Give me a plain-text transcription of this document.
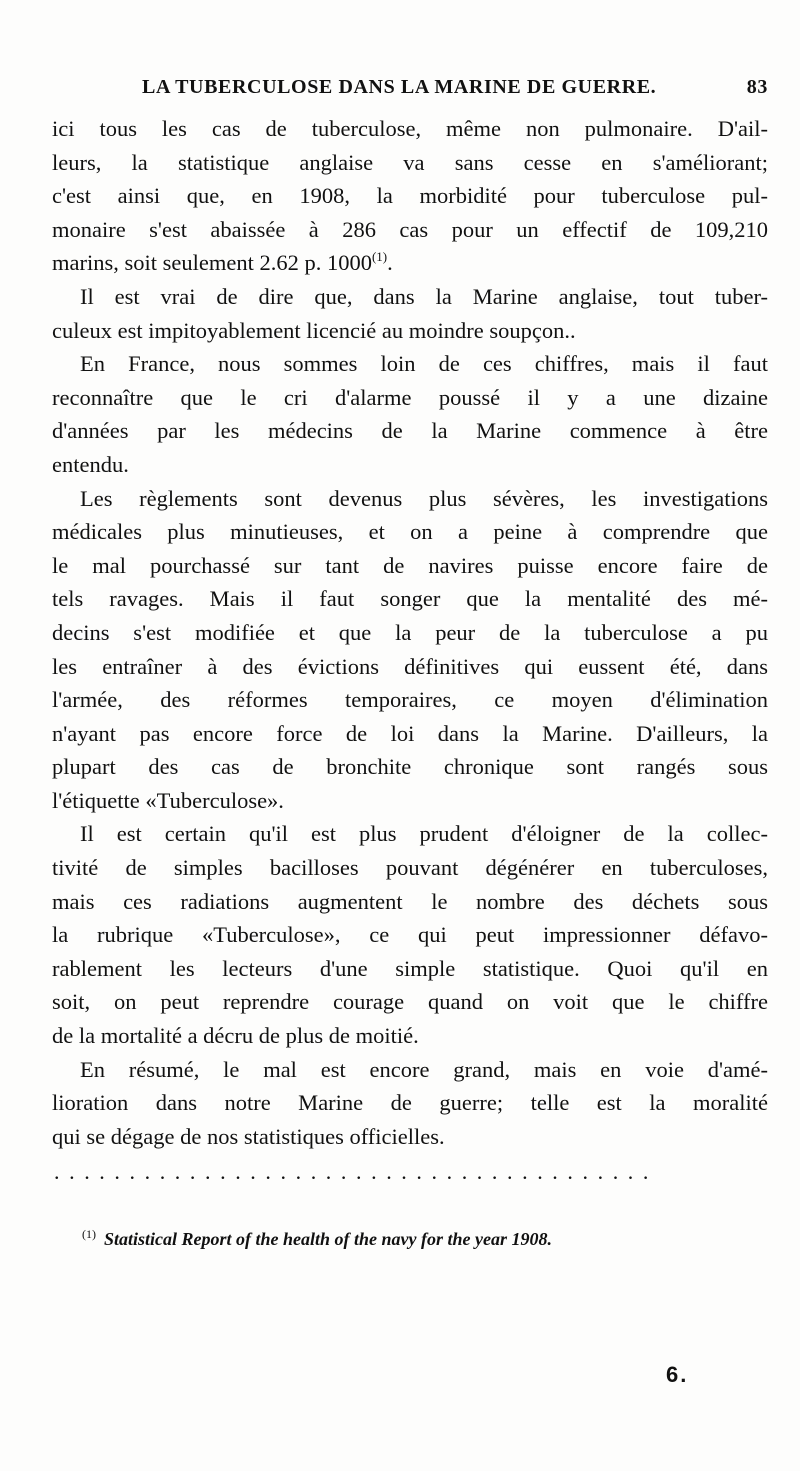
LA TUBERCULOSE DANS LA MARINE DE GUERRE.	83
ici tous les cas de tuberculose, même non pulmonaire. D'ail-
leurs, la statistique anglaise va sans cesse en s'améliorant;
c'est ainsi que, en 1908, la morbidité pour tuberculose pul-
monaire s'est abaissée à 286 cas pour un effectif de 109,210
marins, soit seulement 2.62 p. 1000$^{(1)}$.
Il est vrai de dire que, dans la Marine anglaise, tout tuber-
culeux est impitoyablement licencié au moindre soupçon..
En France, nous sommes loin de ces chiffres, mais il faut
reconnaître que le cri d'alarme poussé il y a une dizaine
d'années par les médecins de la Marine commence à être
entendu.
Les règlements sont devenus plus sévères, les investigations
médicales plus minutieuses, et on a peine à comprendre que
le mal pourchassé sur tant de navires puisse encore faire de
tels ravages. Mais il faut songer que la mentalité des mé-
decins s'est modifiée et que la peur de la tuberculose a pu
les entraîner à des évictions définitives qui eussent été, dans
l'armée, des réformes temporaires, ce moyen d'élimination
n'ayant pas encore force de loi dans la Marine. D'ailleurs, la
plupart des cas de bronchite chronique sont rangés sous
l'étiquette «Tuberculose».
Il est certain qu'il est plus prudent d'éloigner de la collec-
tivité de simples bacilloses pouvant dégénérer en tuberculoses,
mais ces radiations augmentent le nombre des déchets sous
la rubrique «Tuberculose», ce qui peut impressionner défavo-
rablement les lecteurs d'une simple statistique. Quoi qu'il en
soit, on peut reprendre courage quand on voit que le chiffre
de la mortalité a décru de plus de moitié.
En résumé, le mal est encore grand, mais en voie d'amé-
lioration dans notre Marine de guerre; telle est la moralité
qui se dégage de nos statistiques officielles.
........................................
$^{(1)}$ Statistical Report of the health of the navy for the year 1908.
6.
